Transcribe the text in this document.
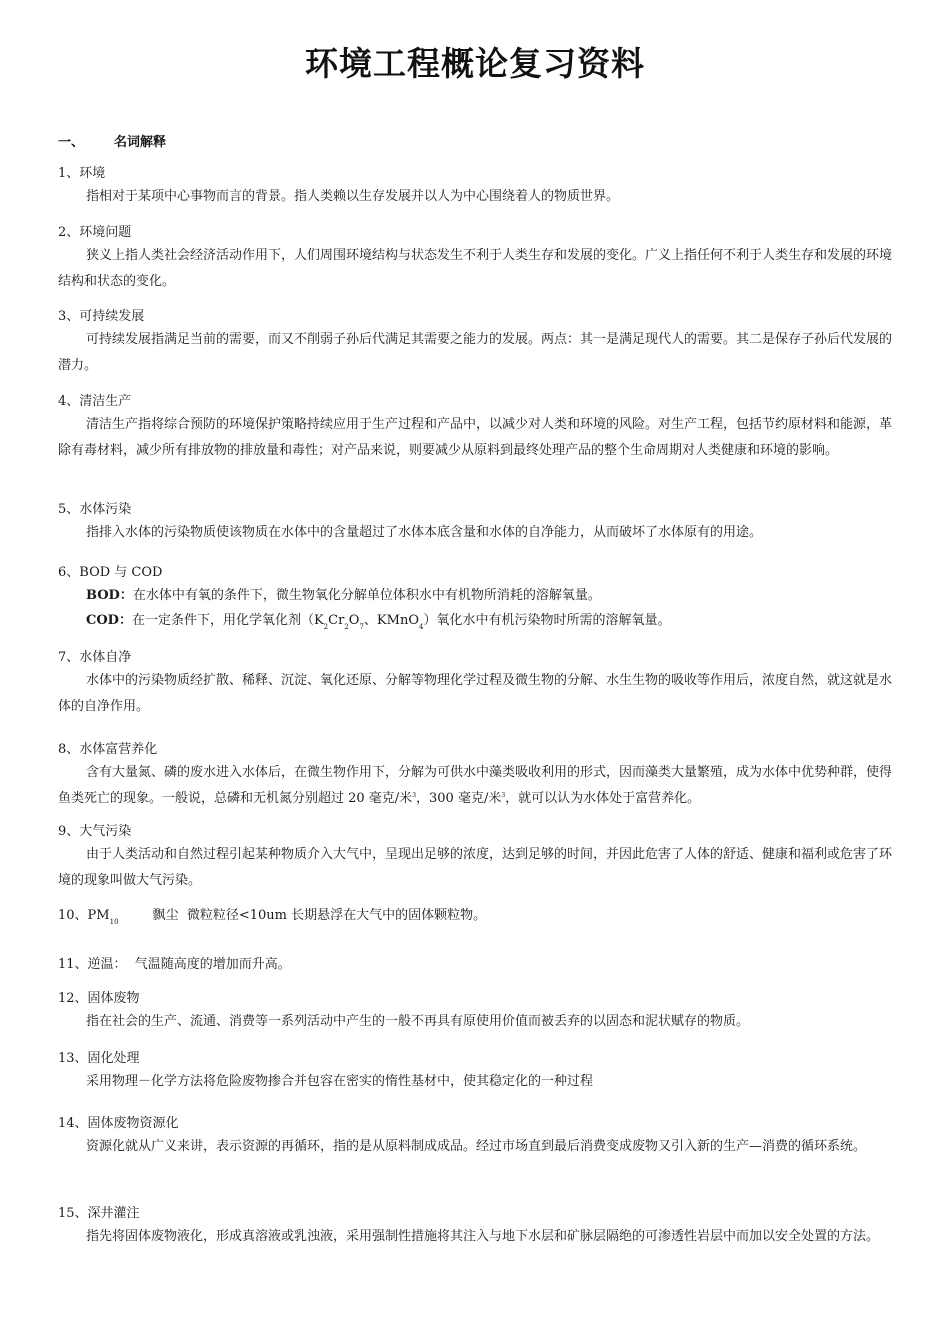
环境工程概论复习资料
一、 名词解释
1、环境
指相对于某项中心事物而言的背景。指人类赖以生存发展并以人为中心围绕着人的物质世界。
2、环境问题
狭义上指人类社会经济活动作用下，人们周围环境结构与状态发生不利于人类生存和发展的变化。广义上指任何不利于人类生存和发展的环境结构和状态的变化。
3、可持续发展
可持续发展指满足当前的需要，而又不削弱子孙后代满足其需要之能力的发展。两点：其一是满足现代人的需要。其二是保存子孙后代发展的潜力。
4、清洁生产
清洁生产指将综合预防的环境保护策略持续应用于生产过程和产品中，以减少对人类和环境的风险。对生产工程，包括节约原材料和能源，革除有毒材料，减少所有排放物的排放量和毒性；对产品来说，则要减少从原料到最终处理产品的整个生命周期对人类健康和环境的影响。
5、水体污染
指排入水体的污染物质使该物质在水体中的含量超过了水体本底含量和水体的自净能力，从而破坏了水体原有的用途。
6、BOD 与 COD
BOD：在水体中有氧的条件下，微生物氧化分解单位体积水中有机物所消耗的溶解氧量。
COD：在一定条件下，用化学氧化剂（$K_2Cr_2O_7$、KMnO$_4$）氧化水中有机污染物时所需的溶解氧量。
7、水体自净
水体中的污染物质经扩散、稀释、沉淀、氧化还原、分解等物理化学过程及微生物的分解、水生生物的吸收等作用后，浓度自然，就这就是水体的自净作用。
8、水体富营养化
含有大量氮、磷的废水进入水体后，在微生物作用下，分解为可供水中藻类吸收利用的形式，因而藻类大量繁殖，成为水体中优势种群，使得鱼类死亡的现象。一般说，总磷和无机氮分别超过 20 毫克/米$^3$，300 毫克/米$^3$，就可以认为水体处于富营养化。
9、大气污染
由于人类活动和自然过程引起某种物质介入大气中，呈现出足够的浓度，达到足够的时间，并因此危害了人体的舒适、健康和福利或危害了环境的现象叫做大气污染。
10、$PM_{10}$	飘尘 微粒粒径<10um 长期悬浮在大气中的固体颗粒物。
11、逆温：  气温随高度的增加而升高。
12、固体废物
指在社会的生产、流通、消费等一系列活动中产生的一般不再具有原使用价值而被丢弃的以固态和泥状赋存的物质。
13、固化处理
采用物理－化学方法将危险废物掺合并包容在密实的惰性基材中，使其稳定化的一种过程
14、固体废物资源化
资源化就从广义来讲，表示资源的再循环，指的是从原料制成成品。经过市场直到最后消费变成废物又引入新的生产—消费的循环系统。
15、深井灌注
指先将固体废物液化，形成真溶液或乳浊液，采用强制性措施将其注入与地下水层和矿脉层隔绝的可渗透性岩层中而加以安全处置的方法。
